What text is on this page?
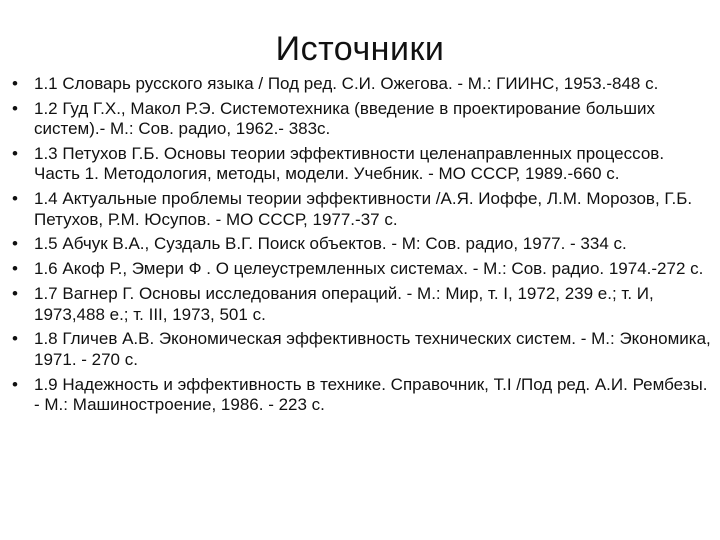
Источники
• 1.1 Словарь русского языка / Под ред. С.И. Ожегова. - М.: ГИИНС, 1953.-848 с.
• 1.2 Гуд Г.Х., Макол Р.Э. Системотехника (введение в проектирование больших систем).- М.: Сов. радио, 1962.- 383с.
• 1.3 Петухов Г.Б. Основы теории эффективности целенаправленных процессов. Часть 1. Методология, методы, модели. Учебник. - МО СССР, 1989.-660 с.
• 1.4 Актуальные проблемы теории эффективности /А.Я. Иоффе, Л.М. Морозов, Г.Б. Петухов, Р.М. Юсупов. - МО СССР, 1977.-37 с.
• 1.5 Абчук В.А., Суздаль В.Г. Поиск объектов. - М: Сов. радио, 1977. - 334 с.
• 1.6 Акоф Р., Эмери Ф . О целеустремленных системах. - М.: Сов. радио. 1974.-272 с.
• 1.7 Вагнер Г. Основы исследования операций. - М.: Мир, т. I, 1972, 239 е.; т. И, 1973,488 е.; т. III, 1973, 501 с.
• 1.8 Гличев А.В. Экономическая эффективность технических систем. - М.: Экономика, 1971. - 270 с.
• 1.9 Надежность и эффективность в технике. Справочник, Т.I /Под ред. А.И. Рембезы. - М.: Машиностроение, 1986. - 223 с.
